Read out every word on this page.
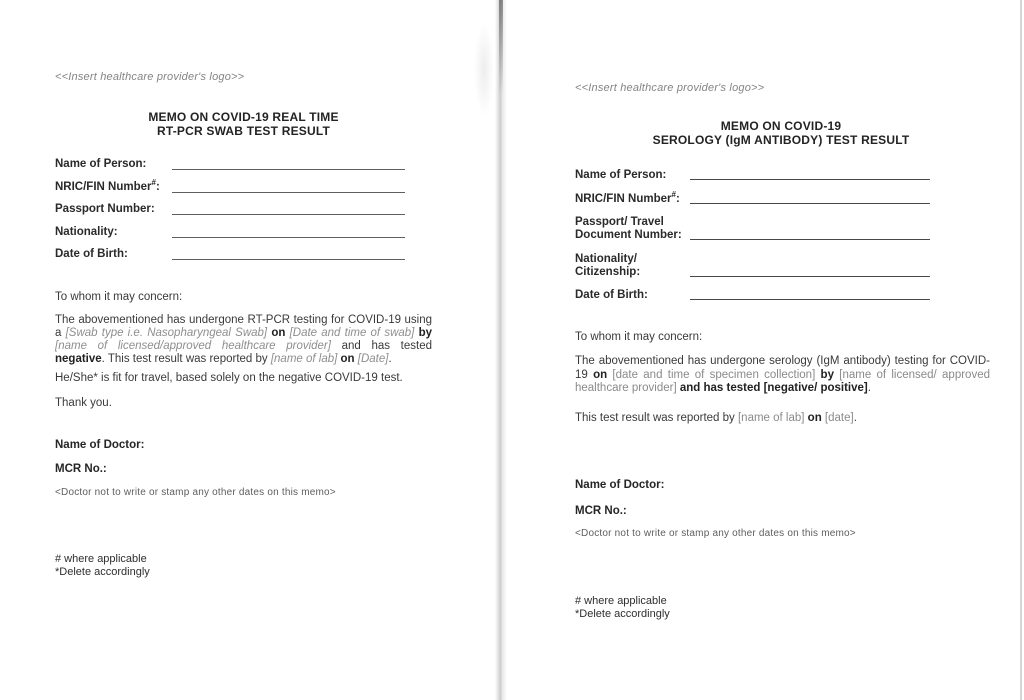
<<Insert healthcare provider's logo>>
MEMO ON COVID-19 REAL TIME
RT-PCR SWAB TEST RESULT
Name of Person:
NRIC/FIN Number#:
Passport Number:
Nationality:
Date of Birth:
To whom it may concern:

The abovementioned has undergone RT-PCR testing for COVID-19 using a [Swab type i.e. Nasopharyngeal Swab] on [Date and time of swab] by [name of licensed/approved healthcare provider] and has tested negative. This test result was reported by [name of lab] on [Date].

He/She* is fit for travel, based solely on the negative COVID-19 test.
Thank you.
Name of Doctor:
MCR No.:
<Doctor not to write or stamp any other dates on this memo>
# where applicable
*Delete accordingly
<<Insert healthcare provider's logo>>
MEMO ON COVID-19
SEROLOGY (IgM ANTIBODY) TEST RESULT
Name of Person:
NRIC/FIN Number#:
Passport/ Travel
Document Number:
Nationality/
Citizenship:
Date of Birth:
To whom it may concern:

The abovementioned has undergone serology (IgM antibody) testing for COVID-19 on [date and time of specimen collection] by [name of licensed/ approved healthcare provider] and has tested [negative/ positive].

This test result was reported by [name of lab] on [date].

Name of Doctor:
MCR No.:
<Doctor not to write or stamp any other dates on this memo>
# where applicable
*Delete accordingly
